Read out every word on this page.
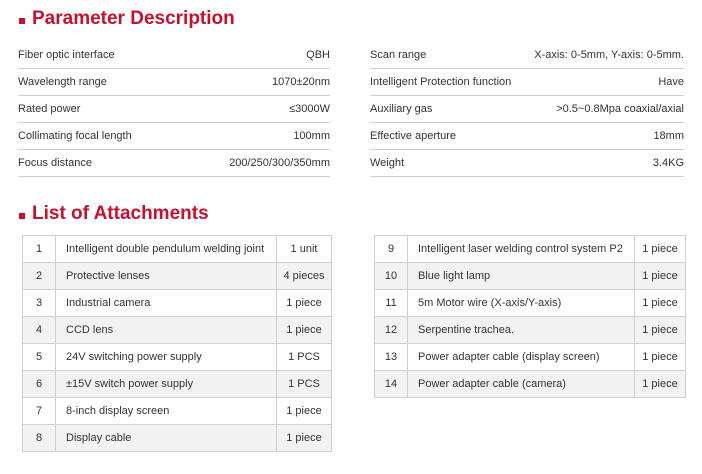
Parameter Description
Fiber optic interface	QBH
Wavelength range	1070±20nm
Rated power	≤3000W
Collimating focal length	100mm
Focus distance	200/250/300/350mm
Scan range	X-axis: 0-5mm, Y-axis: 0-5mm.
Intelligent Protection function	Have
Auxiliary gas	>0.5~0.8Mpa coaxial/axial
Effective aperture	18mm
Weight	3.4KG
List of Attachments
1	Intelligent double pendulum welding joint	1 unit
2	Protective lenses	4 pieces
3	Industrial camera	1 piece
4	CCD lens	1 piece
5	24V switching power supply	1 PCS
6	±15V switch power supply	1 PCS
7	8-inch display screen	1 piece
8	Display cable	1 piece
9	Intelligent laser welding control system P2	1 piece
10	Blue light lamp	1 piece
11	5m Motor wire (X-axis/Y-axis)	1 piece
12	Serpentine trachea.	1 piece
13	Power adapter cable (display screen)	1 piece
14	Power adapter cable (camera)	1 piece
